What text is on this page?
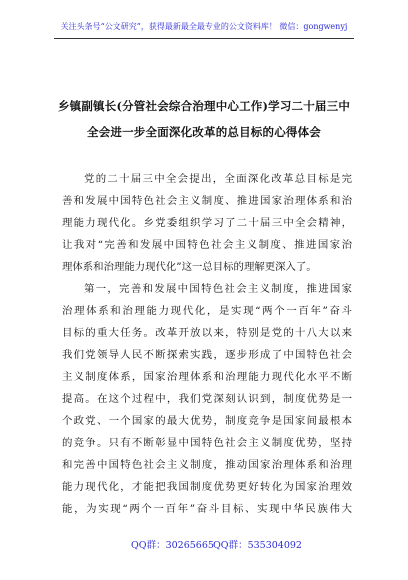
关注头条号“公文研究”，获得最新最全最专业的公文资料库！ 微信：gongwenyj
乡镇副镇长(分管社会综合治理中心工作)学习二十届三中
全会进一步全面深化改革的总目标的心得体会
党的二十届三中全会提出，全面深化改革总目标是完
善和发展中国特色社会主义制度、推进国家治理体系和治
理能力现代化。乡党委组织学习了二十届三中全会精神，
让我对“完善和发展中国特色社会主义制度、推进国家治
理体系和治理能力现代化”这一总目标的理解更深入了。
第一，完善和发展中国特色社会主义制度，推进国家
治理体系和治理能力现代化，是实现“两个一百年”奋斗
目标的重大任务。改革开放以来，特别是党的十八大以来
我们党领导人民不断探索实践，逐步形成了中国特色社会
主义制度体系，国家治理体系和治理能力现代化水平不断
提高。在这个过程中，我们党深刻认识到，制度优势是一
个政党、一个国家的最大优势，制度竞争是国家间最根本
的竞争。只有不断彰显中国特色社会主义制度优势，坚持
和完善中国特色社会主义制度，推动国家治理体系和治理
能力现代化，才能把我国制度优势更好转化为国家治理效
能，为实现“两个一百年”奋斗目标、实现中华民族伟大
QQ群：30265665 QQ群：535304092
